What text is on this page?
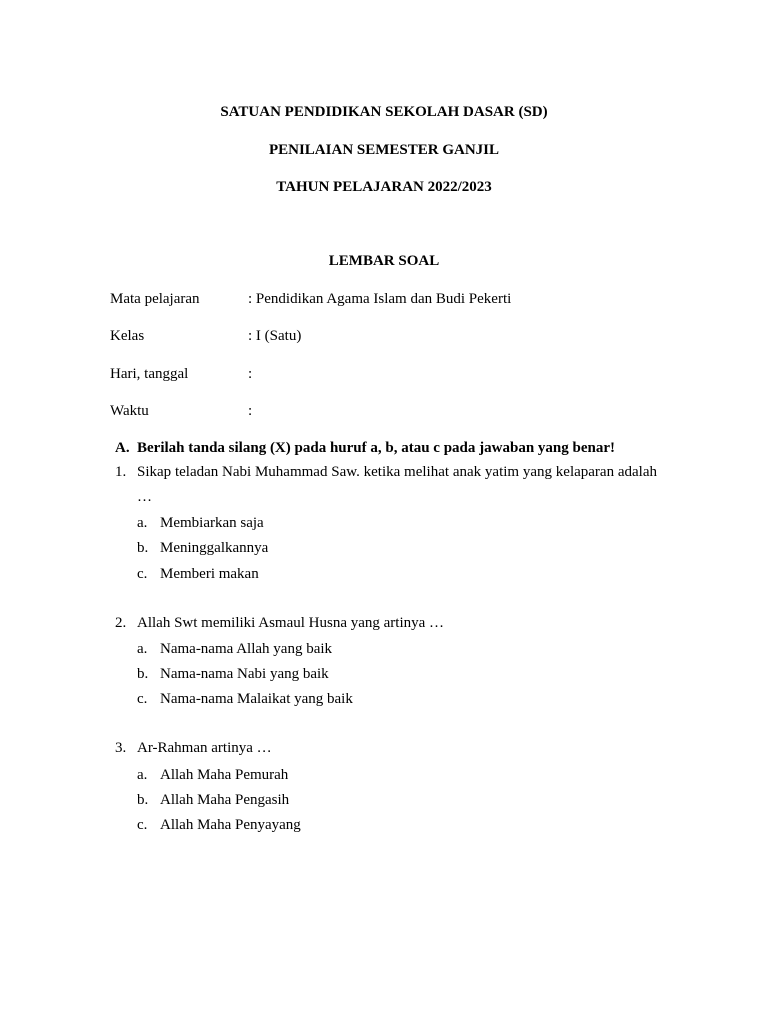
SATUAN PENDIDIKAN SEKOLAH DASAR (SD)
PENILAIAN SEMESTER GANJIL
TAHUN PELAJARAN 2022/2023
LEMBAR SOAL
Mata pelajaran	: Pendidikan Agama Islam dan Budi Pekerti
Kelas	: I (Satu)
Hari, tanggal	:
Waktu	:
A. Berilah tanda silang (X) pada huruf a, b, atau c pada jawaban yang benar!
1. Sikap teladan Nabi Muhammad Saw. ketika melihat anak yatim yang kelaparan adalah …
a. Membiarkan saja
b. Meninggalkannya
c. Memberi makan
2. Allah Swt memiliki Asmaul Husna yang artinya …
a. Nama-nama Allah yang baik
b. Nama-nama Nabi yang baik
c. Nama-nama Malaikat yang baik
3. Ar-Rahman artinya …
a. Allah Maha Pemurah
b. Allah Maha Pengasih
c. Allah Maha Penyayang
